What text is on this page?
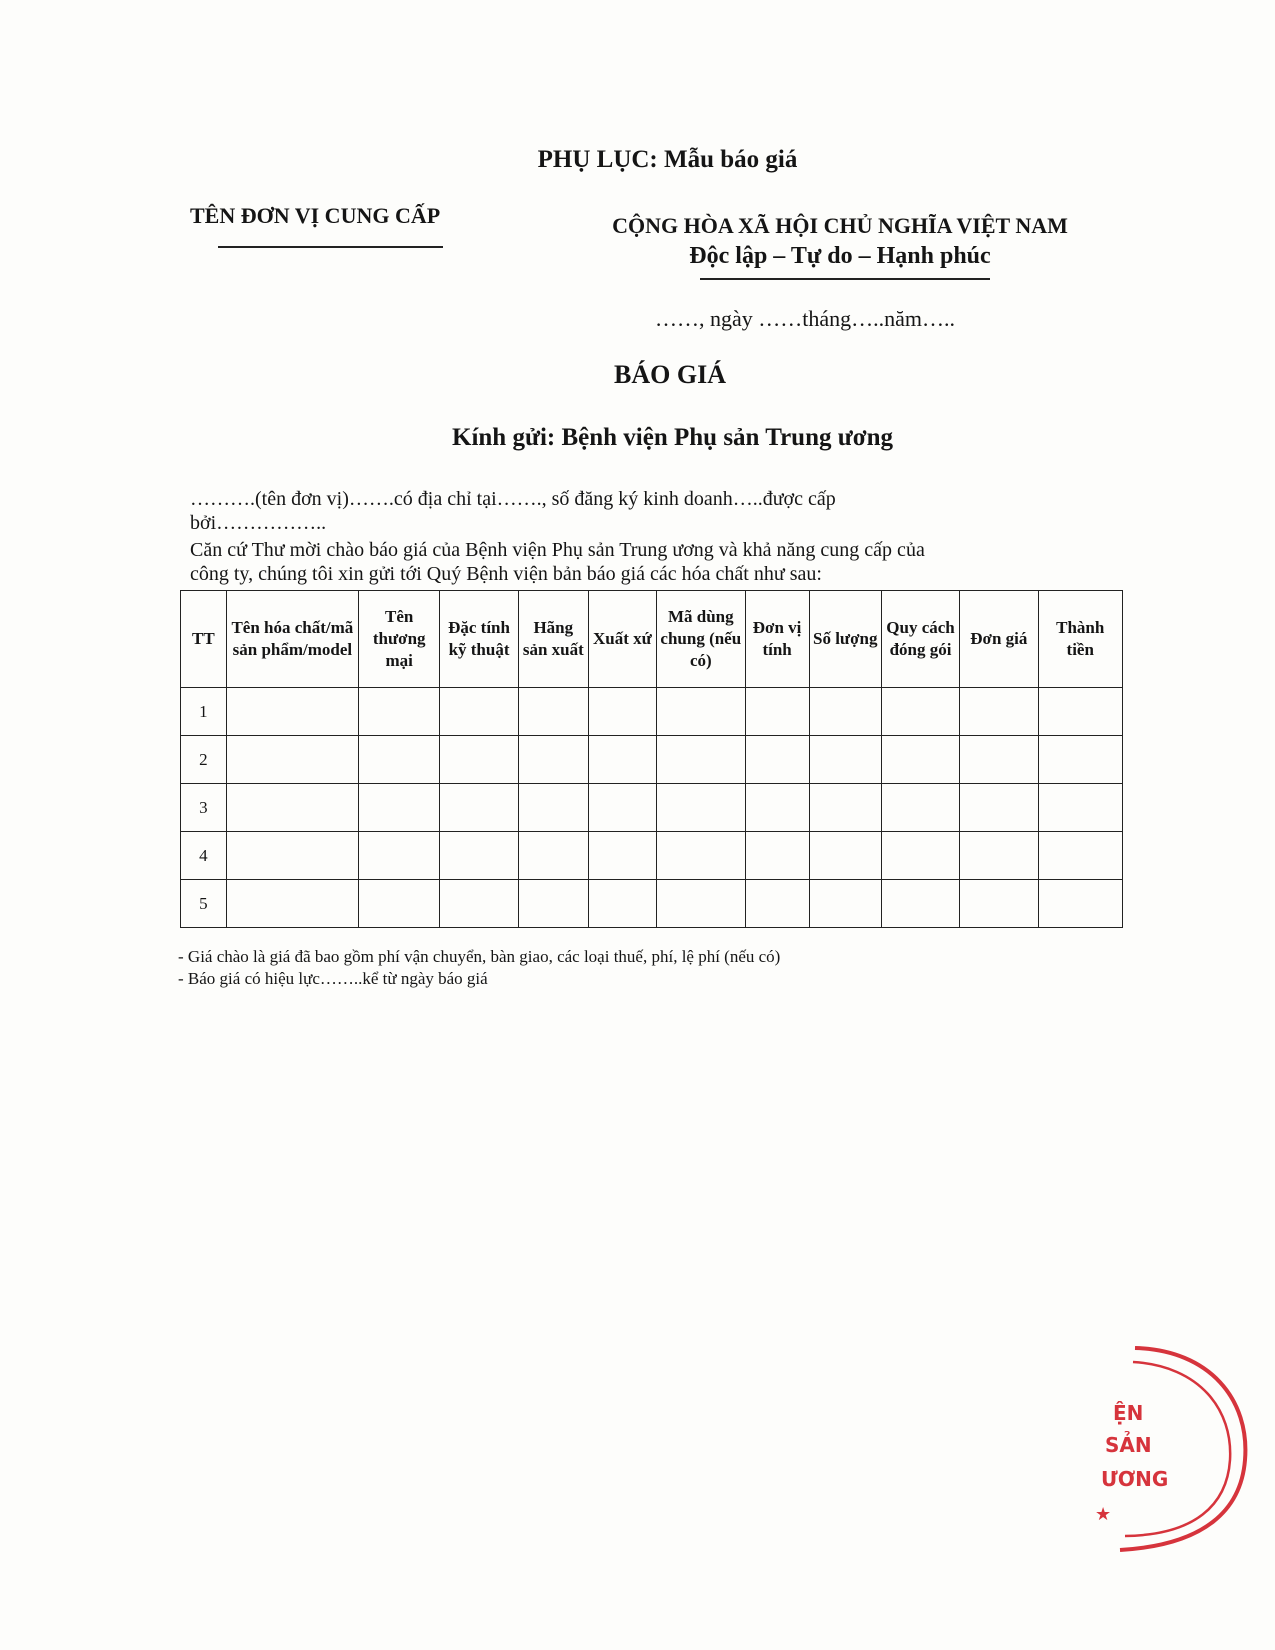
PHỤ LỤC: Mẫu báo giá
TÊN ĐƠN VỊ CUNG CẤP	CỘNG HÒA XÃ HỘI CHỦ NGHĨA VIỆT NAM
Độc lập – Tự do – Hạnh phúc
……, ngày ……tháng…..năm…..
BÁO GIÁ
Kính gửi: Bệnh viện Phụ sản Trung ương
……….(tên đơn vị)…….có địa chỉ tại……., số đăng ký kinh doanh…..được cấp
bởi……………..
Căn cứ Thư mời chào báo giá của Bệnh viện Phụ sản Trung ương và khả năng cung cấp của
công ty, chúng tôi xin gửi tới Quý Bệnh viện bản báo giá các hóa chất như sau:
TT	Tên hóa chất/mã sản phẩm/model	Tên thương mại	Đặc tính kỹ thuật	Hãng sản xuất	Xuất xứ	Mã dùng chung (nếu có)	Đơn vị tính	Số lượng	Quy cách đóng gói	Đơn giá	Thành tiền
1											
2											
3											
4											
5											
- Giá chào là giá đã bao gồm phí vận chuyển, bàn giao, các loại thuế, phí, lệ phí (nếu có)
- Báo giá có hiệu lực……..kể từ ngày báo giá
ỆN
SẢN
ƯƠNG
★
